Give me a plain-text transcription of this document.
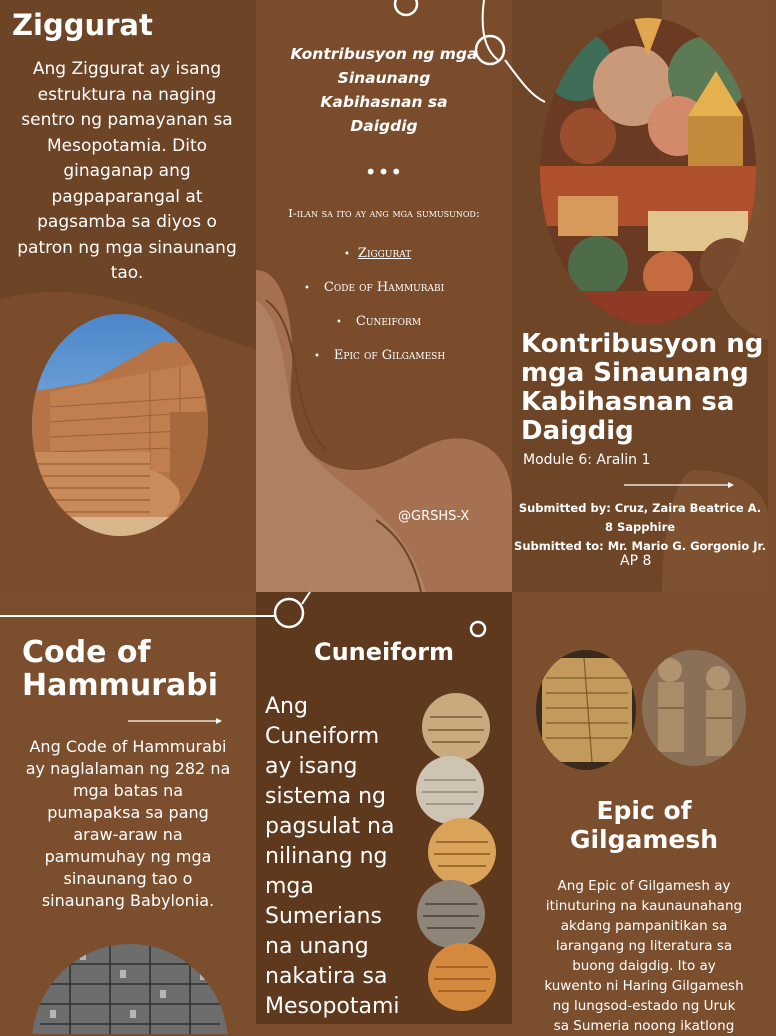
Ziggurat
Ang Ziggurat ay isang estruktura na naging sentro ng pamayanan sa Mesopotamia. Dito ginaganap ang pagpaparangal at pagsamba sa diyos o patron ng mga sinaunang tao.
Kontribusyon ng mga
Sinaunang
Kabihasnan sa
Daigdig
•••
I-ilan sa ito ay ang mga sumusunod:
• Ziggurat
• Code of Hammurabi
• Cuneiform
• Epic of Gilgamesh
@GRSHS-X
Kontribusyon ng
mga Sinaunang
Kabihasnan sa
Daigdig
Module 6: Aralin 1
Submitted by: Cruz, Zaira Beatrice A.
8 Sapphire
Submitted to: Mr. Mario G. Gorgonio Jr.
AP 8
Code of
Hammurabi
Ang Code of Hammurabi
ay naglalaman ng 282 na
mga batas na
pumapaksa sa pang
araw-araw na
pamumuhay ng mga
sinaunang tao o
sinaunang Babylonia.
Cuneiform
Ang
Cuneiform
ay isang
sistema ng
pagsulat na
nilinang ng
mga
Sumerians
na unang
nakatira sa
Mesopotami
Epic of
Gilgamesh
Ang Epic of Gilgamesh ay
itinuturing na kaunaunahang
akdang pampanitikan sa
larangang ng literatura sa
buong daigdig. Ito ay
kuwento ni Haring Gilgamesh
ng lungsod-estado ng Uruk
sa Sumeria noong ikatlong
